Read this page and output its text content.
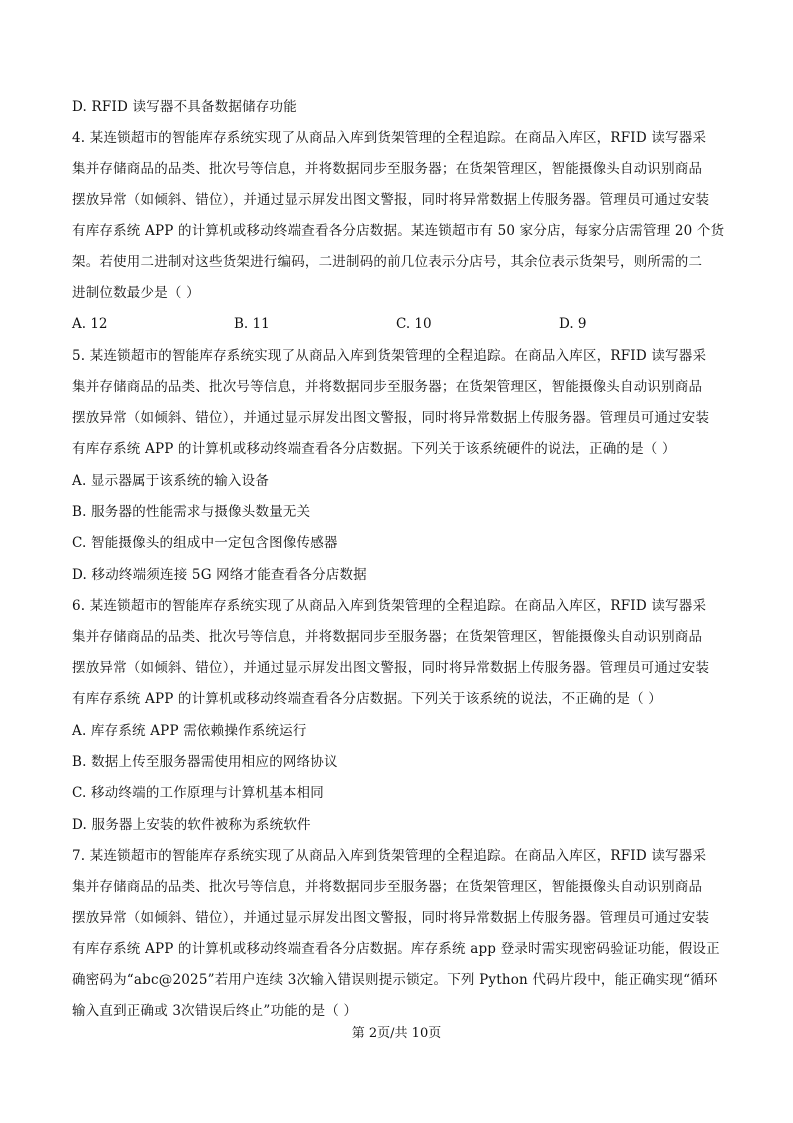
D. RFID 读写器不具备数据储存功能
4. 某连锁超市的智能库存系统实现了从商品入库到货架管理的全程追踪。在商品入库区，RFID 读写器采
集并存储商品的品类、批次号等信息，并将数据同步至服务器；在货架管理区，智能摄像头自动识别商品
摆放异常（如倾斜、错位），并通过显示屏发出图文警报，同时将异常数据上传服务器。管理员可通过安装
有库存系统 APP 的计算机或移动终端查看各分店数据。某连锁超市有 50 家分店，每家分店需管理 20 个货
架。若使用二进制对这些货架进行编码，二进制码的前几位表示分店号，其余位表示货架号，则所需的二
进制位数最少是（ ）
A. 12	B. 11	C. 10	D. 9
5. 某连锁超市的智能库存系统实现了从商品入库到货架管理的全程追踪。在商品入库区，RFID 读写器采
集并存储商品的品类、批次号等信息，并将数据同步至服务器；在货架管理区，智能摄像头自动识别商品
摆放异常（如倾斜、错位），并通过显示屏发出图文警报，同时将异常数据上传服务器。管理员可通过安装
有库存系统 APP 的计算机或移动终端查看各分店数据。下列关于该系统硬件的说法，正确的是（ ）
A. 显示器属于该系统的输入设备
B. 服务器的性能需求与摄像头数量无关
C. 智能摄像头的组成中一定包含图像传感器
D. 移动终端须连接 5G 网络才能查看各分店数据
6. 某连锁超市的智能库存系统实现了从商品入库到货架管理的全程追踪。在商品入库区，RFID 读写器采
集并存储商品的品类、批次号等信息，并将数据同步至服务器；在货架管理区，智能摄像头自动识别商品
摆放异常（如倾斜、错位），并通过显示屏发出图文警报，同时将异常数据上传服务器。管理员可通过安装
有库存系统 APP 的计算机或移动终端查看各分店数据。下列关于该系统的说法，不正确的是（ ）
A. 库存系统 APP 需依赖操作系统运行
B. 数据上传至服务器需使用相应的网络协议
C. 移动终端的工作原理与计算机基本相同
D. 服务器上安装的软件被称为系统软件
7. 某连锁超市的智能库存系统实现了从商品入库到货架管理的全程追踪。在商品入库区，RFID 读写器采
集并存储商品的品类、批次号等信息，并将数据同步至服务器；在货架管理区，智能摄像头自动识别商品
摆放异常（如倾斜、错位），并通过显示屏发出图文警报，同时将异常数据上传服务器。管理员可通过安装
有库存系统 APP 的计算机或移动终端查看各分店数据。库存系统 app 登录时需实现密码验证功能，假设正
确密码为“abc@2025”若用户连续 3次输入错误则提示锁定。下列 Python 代码片段中，能正确实现“循环
输入直到正确或 3次错误后终止”功能的是（ ）
第 2页/共 10页
